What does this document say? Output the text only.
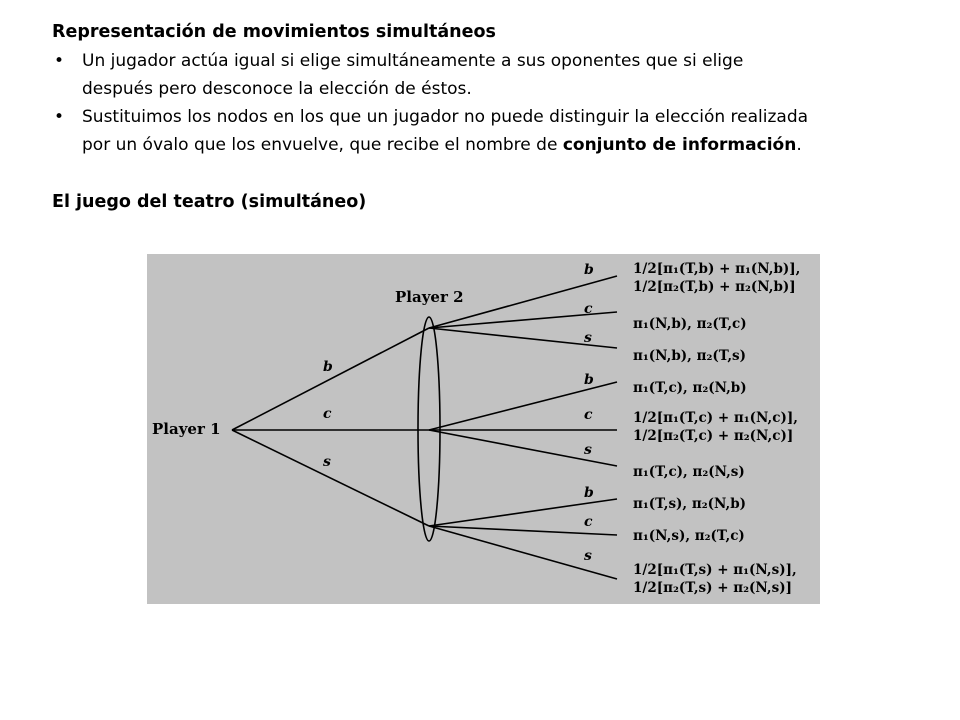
Representación de movimientos simultáneos
• Un jugador actúa igual si elige simultáneamente a sus oponentes que si elige
después pero desconoce la elección de éstos.
• Sustituimos los nodos en los que un jugador no puede distinguir la elección realizada
por un óvalo que los envuelve, que recibe el nombre de conjunto de información.
El juego del teatro (simultáneo)
Player 1
Player 2
b
c
s
b
c
s
b
c
s
b
c
s
1/2[π₁(T,b) + π₁(N,b)],
1/2[π₂(T,b) + π₂(N,b)]
π₁(N,b), π₂(T,c)
π₁(N,b), π₂(T,s)
π₁(T,c), π₂(N,b)
1/2[π₁(T,c) + π₁(N,c)],
1/2[π₂(T,c) + π₂(N,c)]
π₁(T,c), π₂(N,s)
π₁(T,s), π₂(N,b)
π₁(N,s), π₂(T,c)
1/2[π₁(T,s) + π₁(N,s)],
1/2[π₂(T,s) + π₂(N,s)]
